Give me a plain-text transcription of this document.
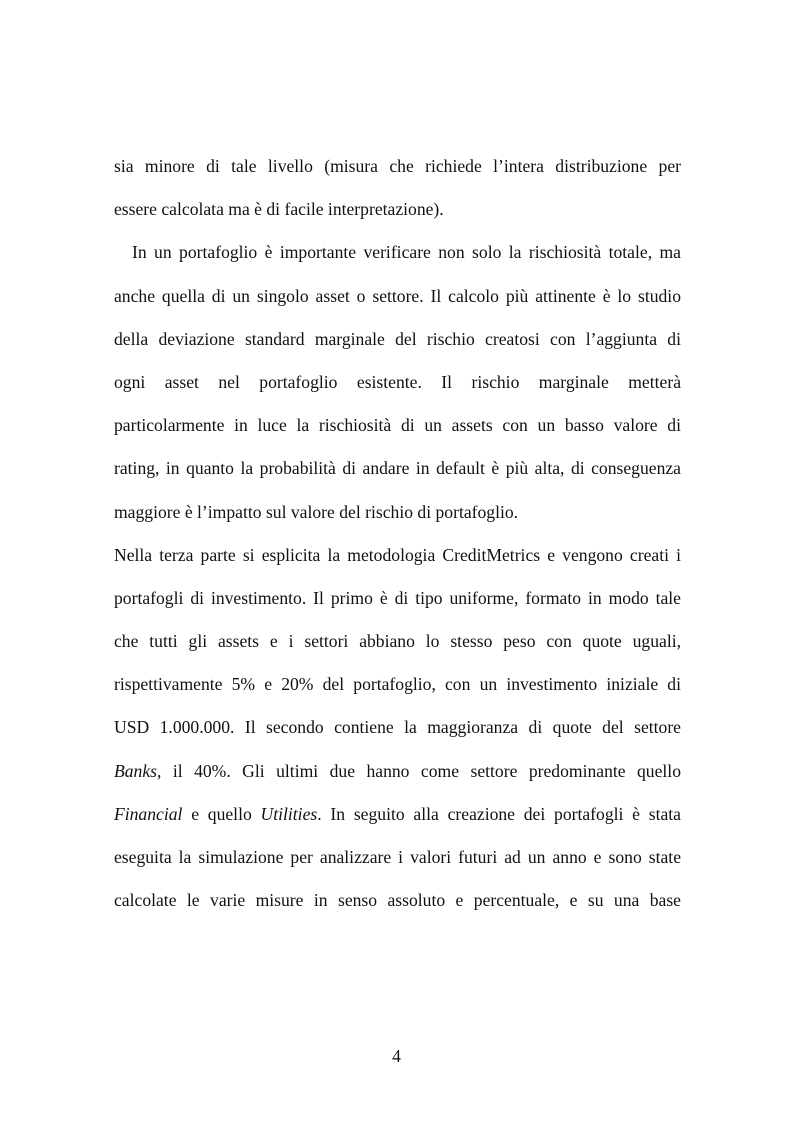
sia minore di tale livello (misura che richiede l’intera distribuzione per
essere calcolata ma è di facile interpretazione).
In un portafoglio è importante verificare non solo la rischiosità totale, ma
anche quella di un singolo asset o settore. Il calcolo più attinente è lo studio
della deviazione standard marginale del rischio creatosi con l’aggiunta di
ogni asset nel portafoglio esistente. Il rischio marginale metterà
particolarmente in luce la rischiosità di un assets con un basso valore di
rating, in quanto la probabilità di andare in default è più alta, di conseguenza
maggiore è l’impatto sul valore del rischio di portafoglio.
Nella terza parte si esplicita la metodologia CreditMetrics e vengono creati i
portafogli di investimento. Il primo è di tipo uniforme, formato in modo tale
che tutti gli assets e i settori abbiano lo stesso peso con quote uguali,
rispettivamente 5% e 20% del portafoglio, con un investimento iniziale di
USD 1.000.000. Il secondo contiene la maggioranza di quote del settore
Banks, il 40%. Gli ultimi due hanno come settore predominante quello
Financial e quello Utilities. In seguito alla creazione dei portafogli è stata
eseguita la simulazione per analizzare i valori futuri ad un anno e sono state
calcolate le varie misure in senso assoluto e percentuale, e su una base
4
